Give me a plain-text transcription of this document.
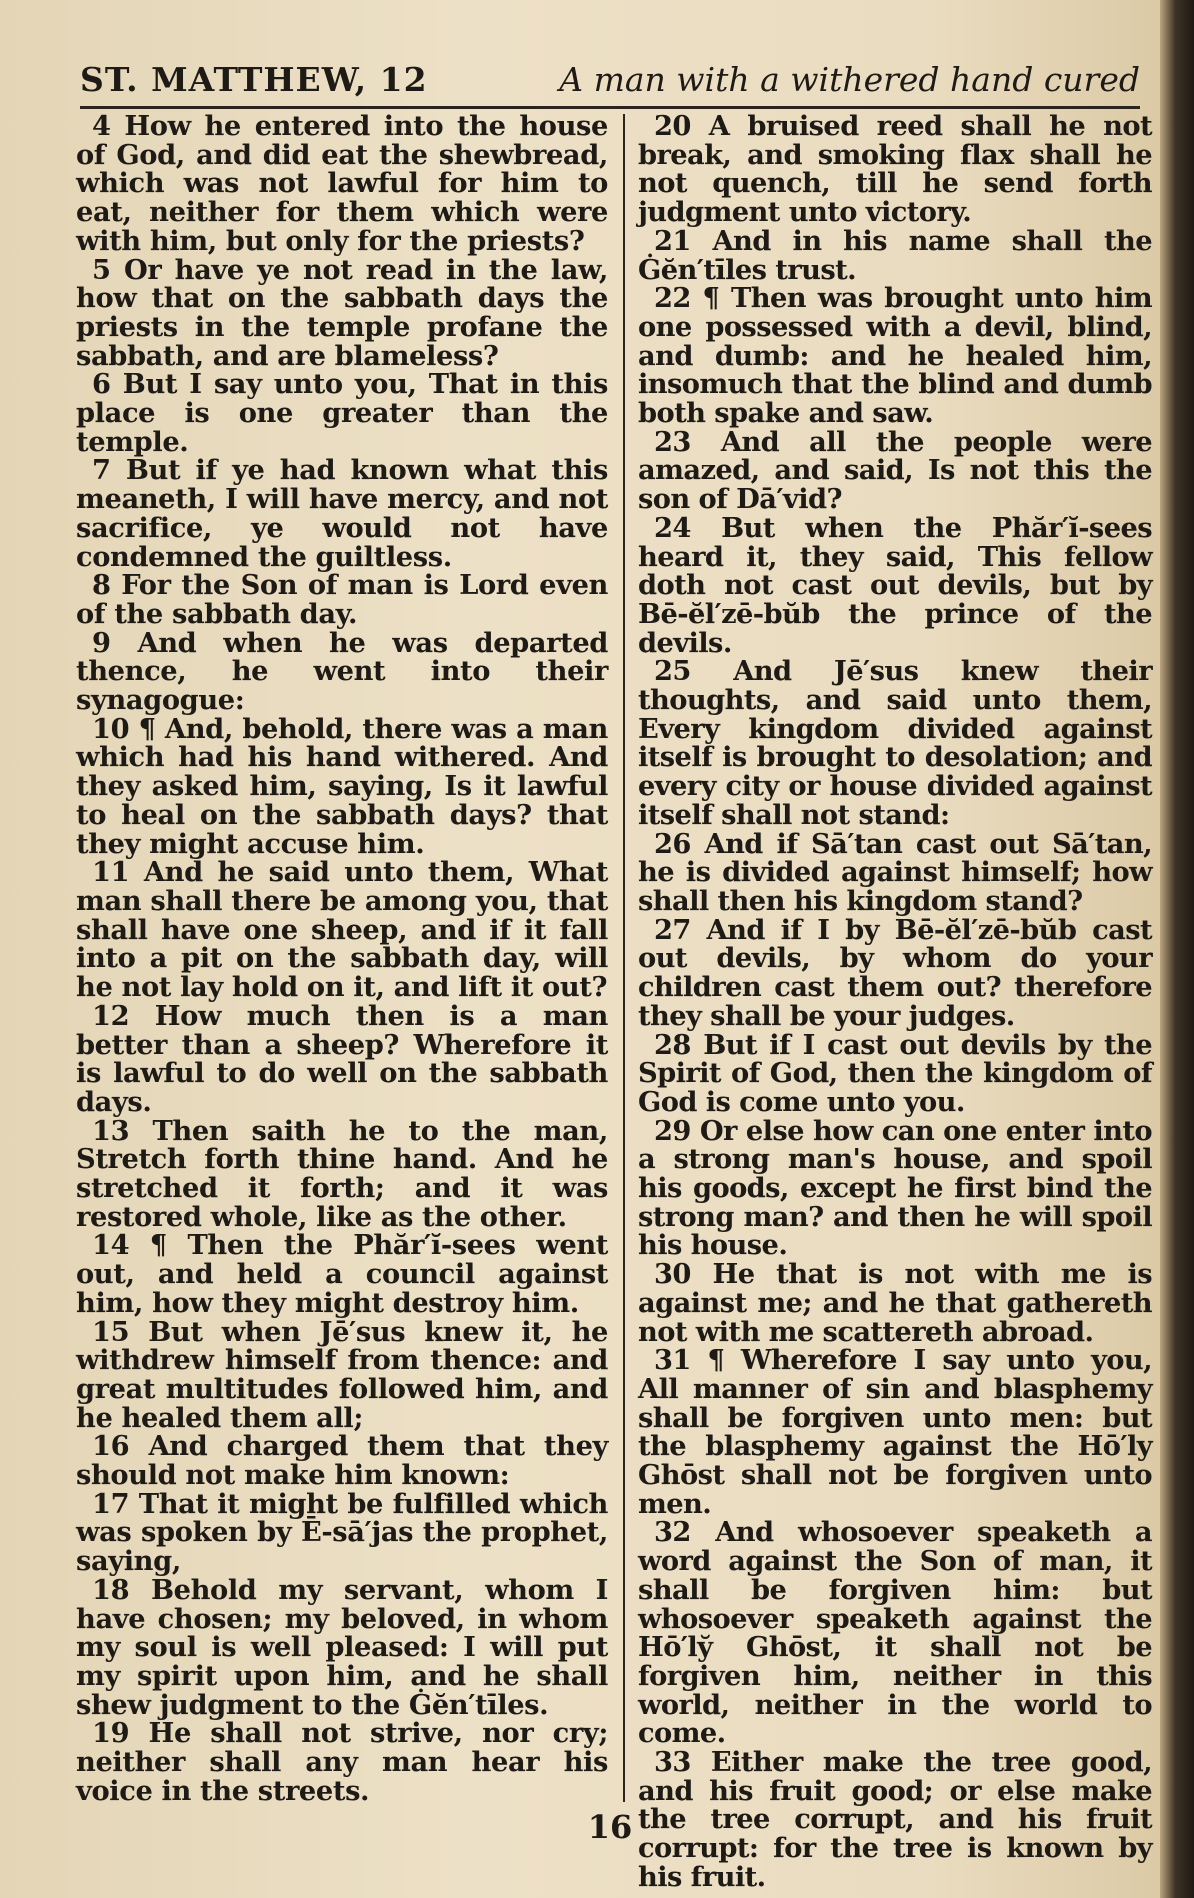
ST. MATTHEW, 12	A man with a withered hand cured

4 How he entered into the house of God, and did eat the shewbread, which was not lawful for him to eat, neither for them which were with him, but only for the priests?

5 Or have ye not read in the law, how that on the sabbath days the priests in the temple profane the sabbath, and are blameless?

6 But I say unto you, That in this place is one greater than the temple.

7 But if ye had known what this meaneth, I will have mercy, and not sacrifice, ye would not have condemned the guiltless.

8 For the Son of man is Lord even of the sabbath day.

9 And when he was departed thence, he went into their synagogue:

10 ¶ And, behold, there was a man which had his hand withered. And they asked him, saying, Is it lawful to heal on the sabbath days? that they might accuse him.

11 And he said unto them, What man shall there be among you, that shall have one sheep, and if it fall into a pit on the sabbath day, will he not lay hold on it, and lift it out?

12 How much then is a man better than a sheep? Wherefore it is lawful to do well on the sabbath days.

13 Then saith he to the man, Stretch forth thine hand. And he stretched it forth; and it was restored whole, like as the other.

14 ¶ Then the Phăr′ĭ-sees went out, and held a council against him, how they might destroy him.

15 But when Jē′sus knew it, he withdrew himself from thence: and great multitudes followed him, and he healed them all;

16 And charged them that they should not make him known:

17 That it might be fulfilled which was spoken by Ē-sā′jas the prophet, saying,

18 Behold my servant, whom I have chosen; my beloved, in whom my soul is well pleased: I will put my spirit upon him, and he shall shew judgment to the Ġĕn′tīles.

19 He shall not strive, nor cry; neither shall any man hear his voice in the streets.

20 A bruised reed shall he not break, and smoking flax shall he not quench, till he send forth judgment unto victory.

21 And in his name shall the Ġĕn′tīles trust.

22 ¶ Then was brought unto him one possessed with a devil, blind, and dumb: and he healed him, insomuch that the blind and dumb both spake and saw.

23 And all the people were amazed, and said, Is not this the son of Dā′vid?

24 But when the Phăr′ĭ-sees heard it, they said, This fellow doth not cast out devils, but by Bē-ĕl′zē-bŭb the prince of the devils.

25 And Jē′sus knew their thoughts, and said unto them, Every kingdom divided against itself is brought to desolation; and every city or house divided against itself shall not stand:

26 And if Sā′tan cast out Sā′tan, he is divided against himself; how shall then his kingdom stand?

27 And if I by Bē-ĕl′zē-bŭb cast out devils, by whom do your children cast them out? therefore they shall be your judges.

28 But if I cast out devils by the Spirit of God, then the kingdom of God is come unto you.

29 Or else how can one enter into a strong man's house, and spoil his goods, except he first bind the strong man? and then he will spoil his house.

30 He that is not with me is against me; and he that gathereth not with me scattereth abroad.

31 ¶ Wherefore I say unto you, All manner of sin and blasphemy shall be forgiven unto men: but the blasphemy against the Hō′ly Ghōst shall not be forgiven unto men.

32 And whosoever speaketh a word against the Son of man, it shall be forgiven him: but whosoever speaketh against the Hō′ly̆ Ghōst, it shall not be forgiven him, neither in this world, neither in the world to come.

33 Either make the tree good, and his fruit good; or else make the tree corrupt, and his fruit corrupt: for the tree is known by his fruit.

16
